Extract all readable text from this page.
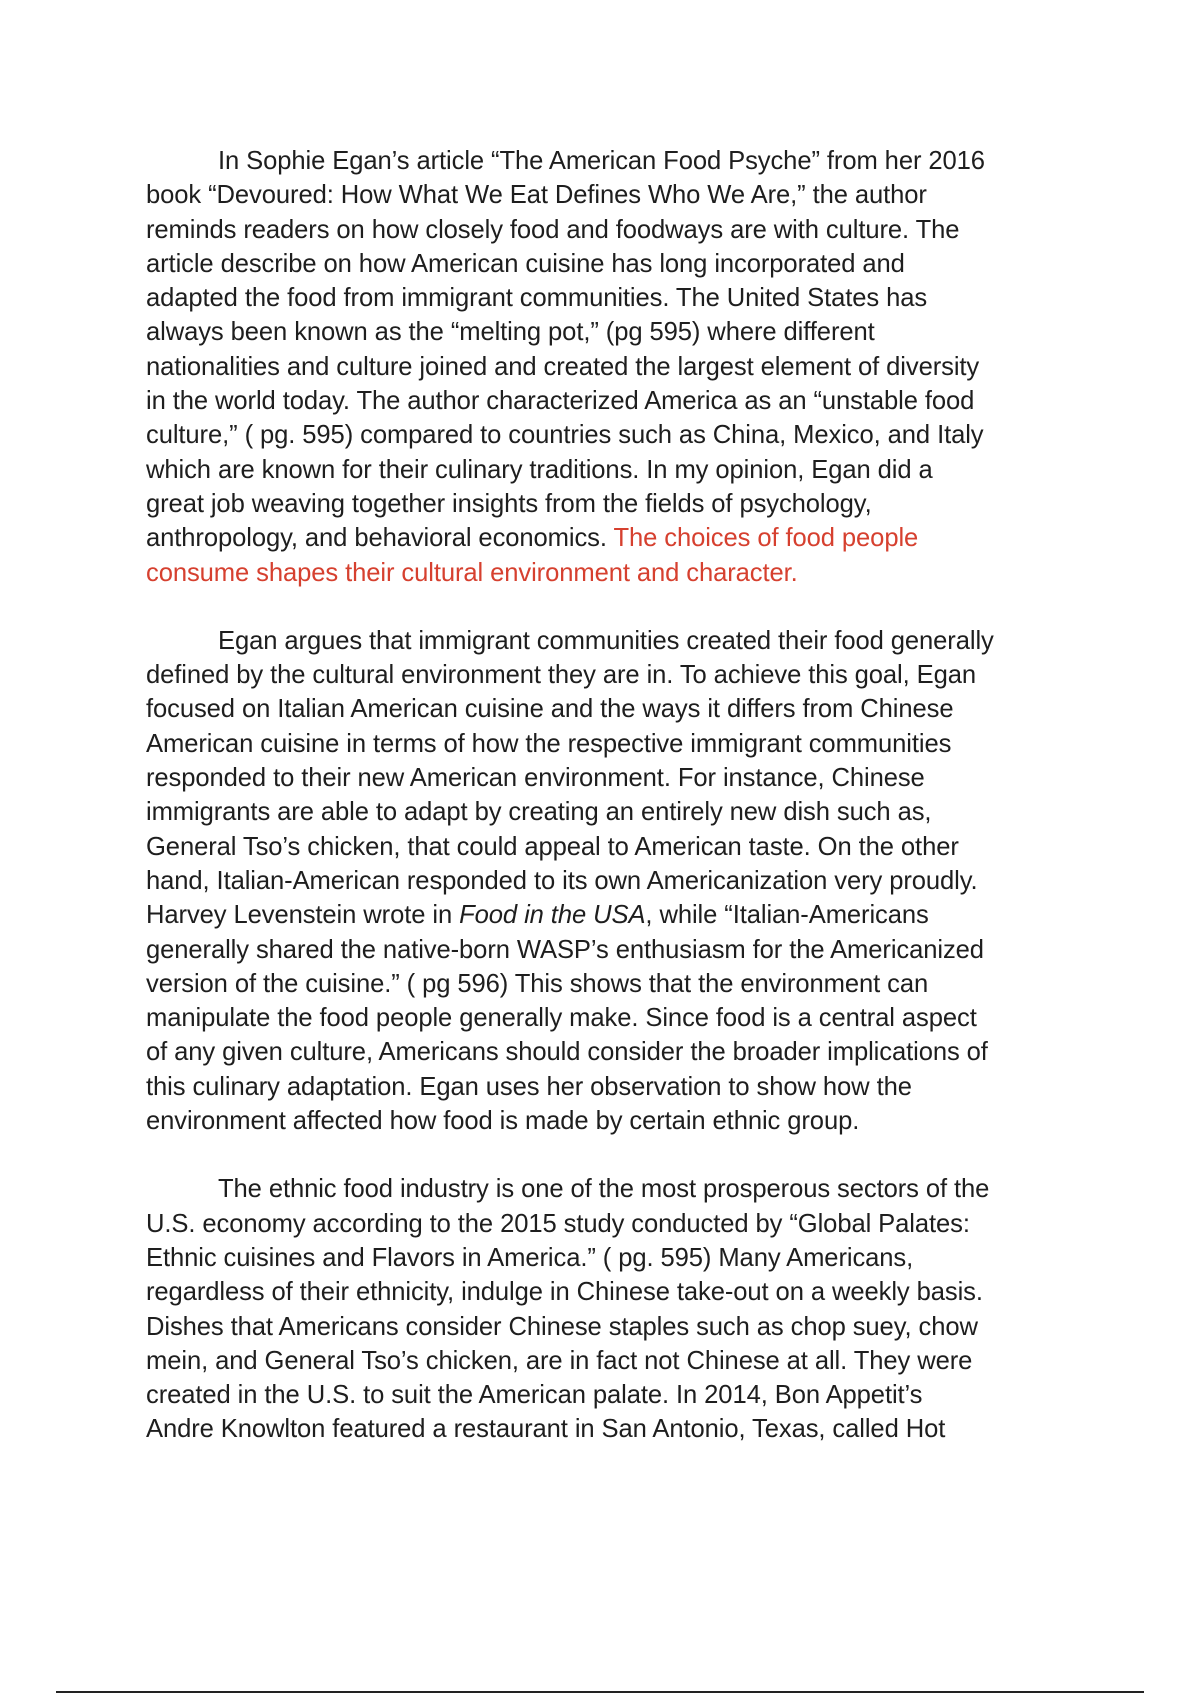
In Sophie Egan’s article “The American Food Psyche” from her 2016
book “Devoured: How What We Eat Defines Who We Are,” the author
reminds readers on how closely food and foodways are with culture. The
article describe on how American cuisine has long incorporated and
adapted the food from immigrant communities. The United States has
always been known as the “melting pot,” (pg 595) where different
nationalities and culture joined and created the largest element of diversity
in the world today. The author characterized America as an “unstable food
culture,” ( pg. 595) compared to countries such as China, Mexico, and Italy
which are known for their culinary traditions. In my opinion, Egan did a
great job weaving together insights from the fields of psychology,
anthropology, and behavioral economics. The choices of food people
consume shapes their cultural environment and character.
Egan argues that immigrant communities created their food generally
defined by the cultural environment they are in. To achieve this goal, Egan
focused on Italian American cuisine and the ways it differs from Chinese
American cuisine in terms of how the respective immigrant communities
responded to their new American environment. For instance, Chinese
immigrants are able to adapt by creating an entirely new dish such as,
General Tso’s chicken, that could appeal to American taste. On the other
hand, Italian-American responded to its own Americanization very proudly.
Harvey Levenstein wrote in Food in the USA, while “Italian-Americans
generally shared the native-born WASP’s enthusiasm for the Americanized
version of the cuisine.” ( pg 596) This shows that the environment can
manipulate the food people generally make. Since food is a central aspect
of any given culture, Americans should consider the broader implications of
this culinary adaptation. Egan uses her observation to show how the
environment affected how food is made by certain ethnic group.
The ethnic food industry is one of the most prosperous sectors of the
U.S. economy according to the 2015 study conducted by “Global Palates:
Ethnic cuisines and Flavors in America.” ( pg. 595) Many Americans,
regardless of their ethnicity, indulge in Chinese take-out on a weekly basis.
Dishes that Americans consider Chinese staples such as chop suey, chow
mein, and General Tso’s chicken, are in fact not Chinese at all. They were
created in the U.S. to suit the American palate. In 2014, Bon Appetit’s
Andre Knowlton featured a restaurant in San Antonio, Texas, called Hot
